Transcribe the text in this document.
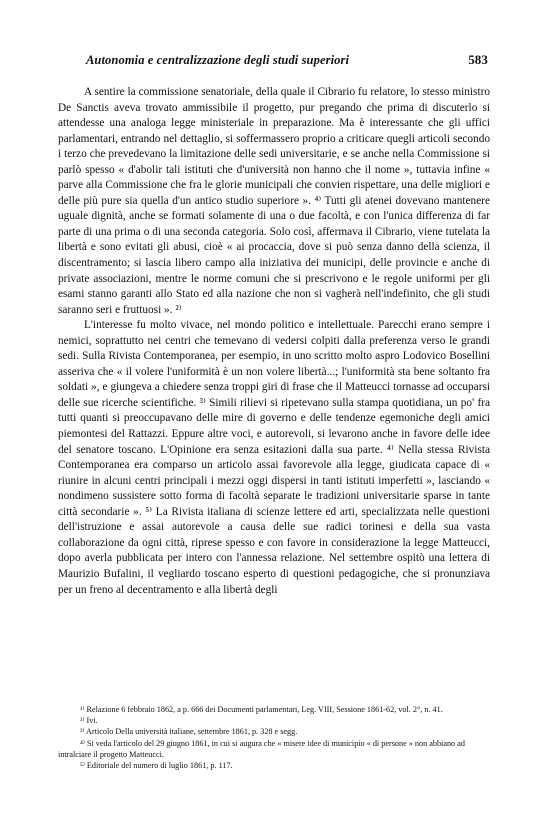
Autonomia e centralizzazione degli studi superiori	583

A sentire la commissione senatoriale, della quale il Cibrario fu relatore, lo stesso ministro De Sanctis aveva trovato ammissibile il progetto, pur pregando che prima di discuterlo si attendesse una analoga legge ministeriale in preparazione. Ma è interessante che gli uffici parlamentari, entrando nel dettaglio, si soffermassero proprio a criticare quegli articoli secondo i terzo che prevedevano la limitazione delle sedi universitarie, e se anche nella Commissione si parlò spesso « d'abolir tali istituti che d'università non hanno che il nome », tuttavia infine « parve alla Commissione che fra le glorie municipali che convien rispettare, una delle migliori e delle più pure sia quella d'un antico studio superiore ». ⁴⁾ Tutti gli atenei dovevano mantenere uguale dignità, anche se formati solamente di una o due facoltà, e con l'unica differenza di far parte di una prima o di una seconda categoria. Solo così, affermava il Cibrario, viene tutelata la libertà e sono evitati gli abusi, cioè « ai procaccia, dove si può senza danno della scienza, il discentramento; si lascia libero campo alla iniziativa dei municipi, delle provincie e anche di private associazioni, mentre le norme comuni che si prescrivono e le regole uniformi per gli esami stanno garanti allo Stato ed alla nazione che non si vagherà nell'indefinito, che gli studi saranno seri e fruttuosi ». ²⁾

L'interesse fu molto vivace, nel mondo politico e intellettuale. Parecchi erano sempre i nemici, soprattutto nei centri che temevano di vedersi colpiti dalla preferenza verso le grandi sedi. Sulla Rivista Contemporanea, per esempio, in uno scritto molto aspro Lodovico Bosellini asseriva che « il volere l'uniformità è un non volere libertà...; l'uniformità sta bene soltanto fra soldati », e giungeva a chiedere senza troppi giri di frase che il Matteucci tornasse ad occuparsi delle sue ricerche scientifiche. ³⁾ Simili rilievi si ripetevano sulla stampa quotidiana, un po' fra tutti quanti si preoccupavano delle mire di governo e delle tendenze egemoniche degli amici piemontesi del Rattazzi. Eppure altre voci, e autorevoli, si levarono anche in favore delle idee del senatore toscano. L'Opinione era senza esitazioni dalla sua parte. ⁴⁾ Nella stessa Rivista Contemporanea era comparso un articolo assai favorevole alla legge, giudicata capace di « riunire in alcuni centri principali i mezzi oggi dispersi in tanti istituti imperfetti », lasciando « nondimeno sussistere sotto forma di facoltà separate le tradizioni universitarie sparse in tante città secondarie ». ⁵⁾ La Rivista italiana di scienze lettere ed arti, specializzata nelle questioni dell'istruzione e assai autorevole a causa delle sue radici torinesi e della sua vasta collaborazione da ogni città, riprese spesso e con favore in considerazione la legge Matteucci, dopo averla pubblicata per intero con l'annessa relazione. Nel settembre ospitò una lettera di Maurizio Bufalini, il vegliardo toscano esperto di questioni pedagogiche, che si pronunziava per un freno al decentramento e alla libertà degli

¹⁾ Relazione 6 febbraio 1862, a p. 666 dei Documenti parlamentari, Leg. VIII, Sessione 1861-62, vol. 2°, n. 41.
²⁾ Ivi.
³⁾ Articolo Della università italiane, settembre 1861, p. 328 e segg.
⁴⁾ Si veda l'articolo del 29 giugno 1861, in cui si augura che « misere idee di municipio « di persone » non abbiano ad intralciare il progetto Matteucci.
⁵⁾ Editoriale del numero di luglio 1861, p. 117.
